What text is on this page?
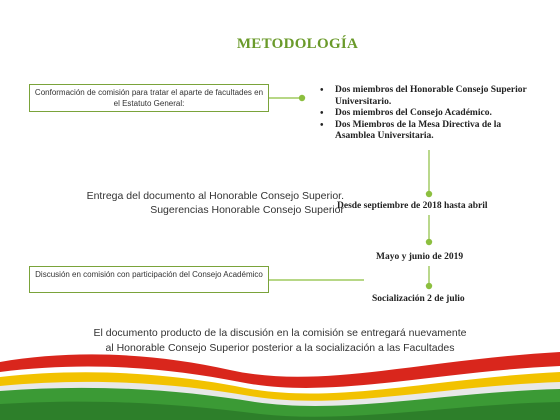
METODOLOGÍA
Conformación de comisión para tratar el aparte de facultades en el Estatuto General:
• Dos miembros del Honorable Consejo Superior Universitario.
• Dos miembros del Consejo Académico.
• Dos Miembros de la Mesa Directiva de la Asamblea Universitaria.
Entrega del documento al Honorable Consejo Superior.
Sugerencias Honorable Consejo Superior
Desde septiembre de 2018 hasta abril
Mayo y junio de 2019
Socialización 2 de julio
Discusión en comisión con participación del Consejo Académico
El documento producto de la discusión en la comisión se entregará nuevamente
al Honorable Consejo Superior posterior a la socialización a las Facultades
